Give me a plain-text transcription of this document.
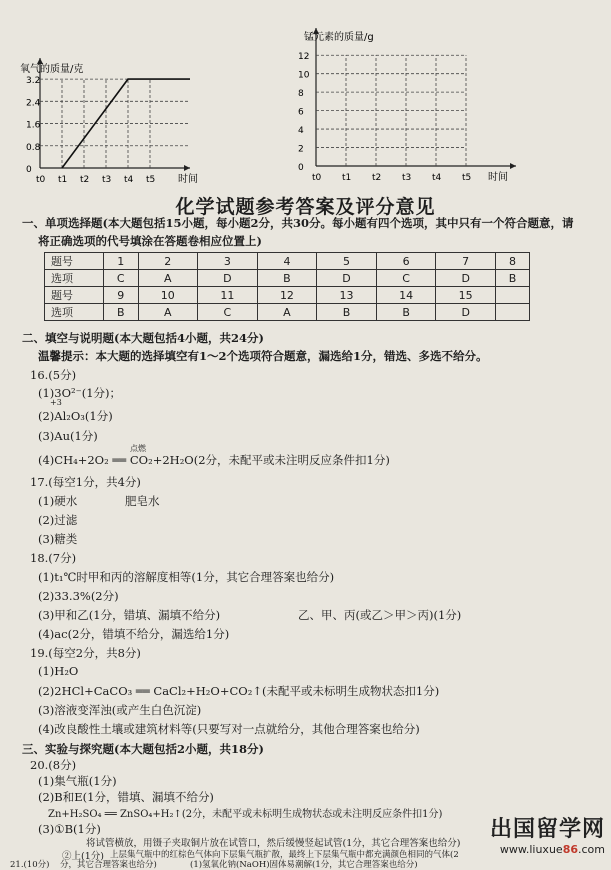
氧气的质量/克
时间
3.2
2.4
1.6
0.8
0
t0 t1 t2 t3 t4 t5
锰元素的质量/g
时间
12
10
8
6
4
2
0
t0 t1 t2 t3 t4 t5
化学试题参考答案及评分意见
一、单项选择题(本大题包括15小题，每小题2分，共30分。每小题有四个选项，其中只有一个符合题意，请
将正确选项的代号填涂在答题卷相应位置上)
题号	1	2	3	4	5	6	7	8
选项	C	A	D	B	D	C	D	B
题号	9	10	11	12	13	14	15	
选项	B	A	C	A	B	B	D	
二、填空与说明题(本大题包括4小题，共24分)
温馨提示：本大题的选择填空有1～2个选项符合题意，漏选给1分，错选、多选不给分。
16.(5分)
(1)3O²⁻(1分)；
+3
(2)Al₂O₃(1分)
(3)Au(1分)
点燃
(4)CH₄+2O₂ ══ CO₂+2H₂O(2分，未配平或未注明反应条件扣1分)
17.(每空1分，共4分)
(1)硬水	肥皂水
(2)过滤
(3)糖类
18.(7分)
(1)t₁℃时甲和丙的溶解度相等(1分，其它合理答案也给分)
(2)33.3%(2分)
(3)甲和乙(1分，错填、漏填不给分)	乙、甲、丙(或乙＞甲＞丙)(1分)
(4)ac(2分，错填不给分，漏选给1分)
19.(每空2分，共8分)
(1)H₂O
(2)2HCl+CaCO₃ ══ CaCl₂+H₂O+CO₂↑(未配平或未标明生成物状态扣1分)
(3)溶液变浑浊(或产生白色沉淀)
(4)改良酸性土壤或建筑材料等(只要写对一点就给分，其他合理答案也给分)
三、实验与探究题(本大题包括2小题，共18分)
20.(8分)
(1)集气瓶(1分)
(2)B和E(1分，错填、漏填不给分)
Zn+H₂SO₄ ══ ZnSO₄+H₂↑(2分，未配平或未标明生成物状态或未注明反应条件扣1分)
(3)①B(1分)
将试管横放，用镊子夹取铜片放在试管口，然后缓慢竖起试管(1分，其它合理答案也给分)
②上(1分) 上层集气瓶中的红棕色气体向下层集气瓶扩散，最终上下层集气瓶中都充满颜色相同的气体(2
分，其它合理答案也给分)
21.(10分)	(1)氢氧化钠(NaOH)固体易潮解(1分，其它合理答案也给分)
出国留学网
www.liuxue86.com
